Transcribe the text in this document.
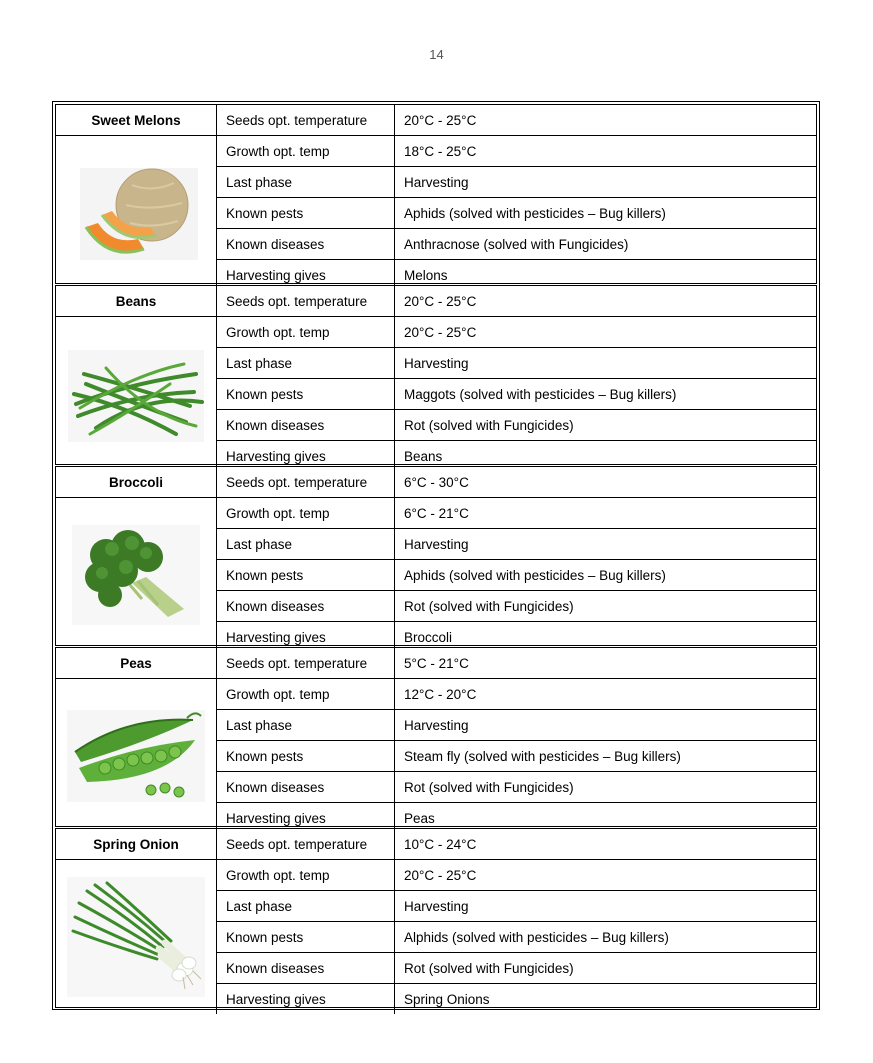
14
Sweet Melons	Seeds opt. temperature	20°C - 25°C

	Growth opt. temp	18°C - 25°C
	Last phase	Harvesting
	Known pests	Aphids (solved with pesticides – Bug killers)
	Known diseases	Anthracnose (solved with Fungicides)
	Harvesting gives	Melons
Beans	Seeds opt. temperature	20°C - 25°C

	Growth opt. temp	20°C - 25°C
	Last phase	Harvesting
	Known pests	Maggots (solved with pesticides – Bug killers)
	Known diseases	Rot (solved with Fungicides)
	Harvesting gives	Beans
Broccoli	Seeds opt. temperature	6°C - 30°C

	Growth opt. temp	6°C - 21°C
	Last phase	Harvesting
	Known pests	Aphids (solved with pesticides – Bug killers)
	Known diseases	Rot (solved with Fungicides)
	Harvesting gives	Broccoli
Peas	Seeds opt. temperature	5°C - 21°C

	Growth opt. temp	12°C - 20°C
	Last phase	Harvesting
	Known pests	Steam fly (solved with pesticides – Bug killers)
	Known diseases	Rot (solved with Fungicides)
	Harvesting gives	Peas
Spring Onion	Seeds opt. temperature	10°C - 24°C

	Growth opt. temp	20°C - 25°C
	Last phase	Harvesting
	Known pests	Alphids (solved with pesticides – Bug killers)
	Known diseases	Rot (solved with Fungicides)
	Harvesting gives	Spring Onions
